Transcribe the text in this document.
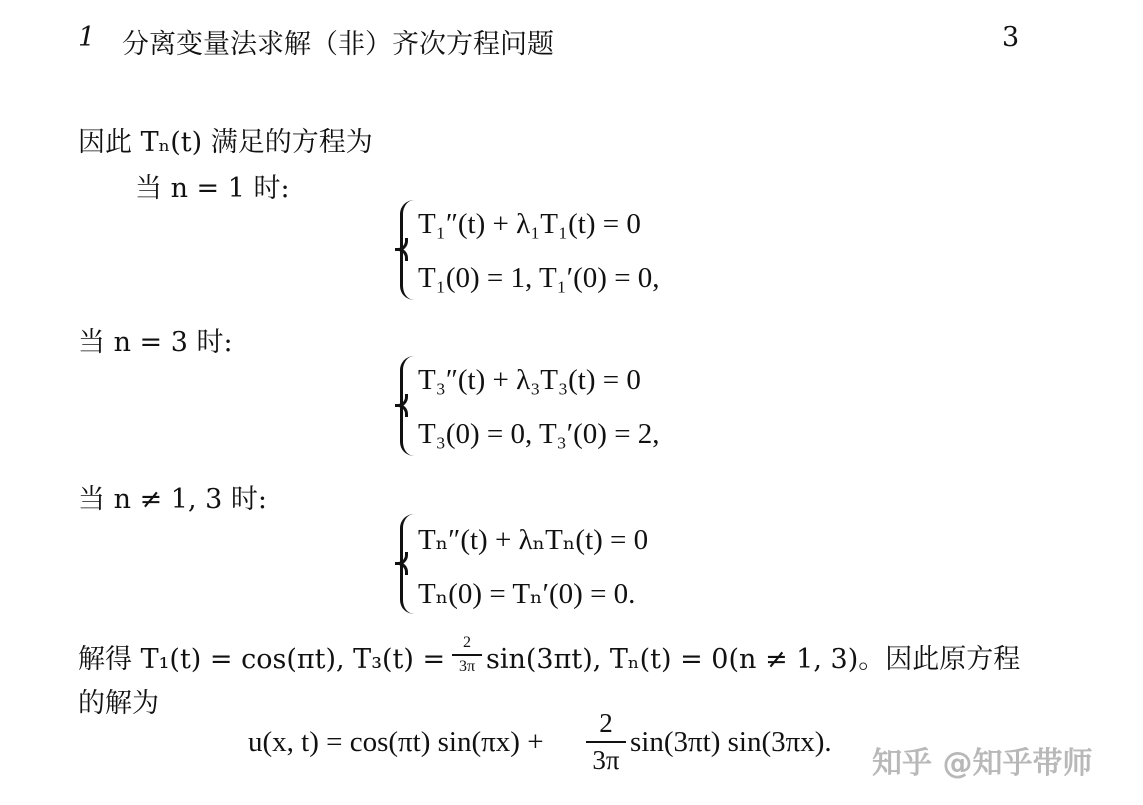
1 分离变量法求解（非）齐次方程问题	3
因此 Tₙ(t) 满足的方程为
当 n = 1 时:
T₁″(t) + λ₁T₁(t) = 0
T₁(0) = 1, T₁′(0) = 0,
当 n = 3 时:
T₃″(t) + λ₃T₃(t) = 0
T₃(0) = 0, T₃′(0) = 2,
当 n ≠ 1, 3 时:
Tₙ″(t) + λₙTₙ(t) = 0
Tₙ(0) = Tₙ′(0) = 0.
解得 T₁(t) = cos(πt), T₃(t) =
2
3π sin(3πt), Tₙ(t) = 0(n ≠ 1, 3)。因此原方程
的解为
u(x, t) = cos(πt) sin(πx) +
2
3π
sin(3πt) sin(3πx).
知乎 @知乎带师
